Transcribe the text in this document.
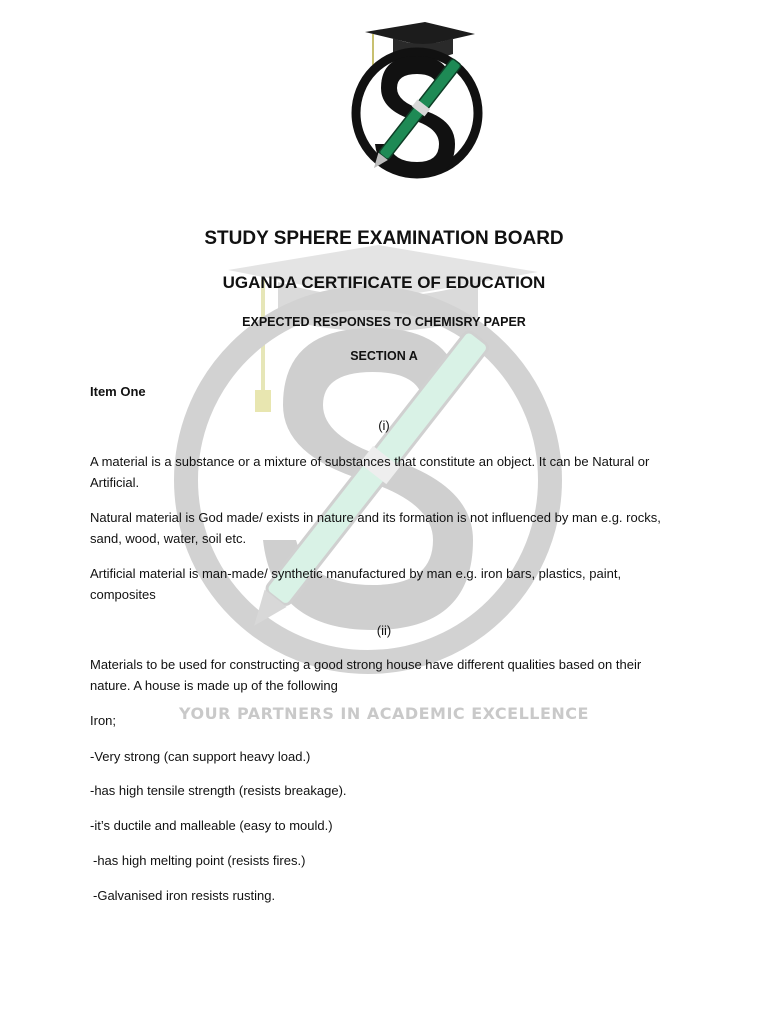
YOUR PARTNERS IN ACADEMIC EXCELLENCE
STUDY SPHERE EXAMINATION BOARD
UGANDA CERTIFICATE OF EDUCATION
EXPECTED RESPONSES TO CHEMISRY PAPER
SECTION A
Item One
(i)

A material is a substance or a mixture of substances that constitute an object. It can be Natural or Artificial.

Natural material is God made/ exists in nature and its formation is not influenced by man e.g. rocks, sand, wood, water, soil etc.

Artificial material is man-made/ synthetic manufactured by man e.g. iron bars, plastics, paint, composites

(ii)

Materials to be used for constructing a good strong house have different qualities based on their nature. A house is made up of the following

Iron;
-Very strong (can support heavy load.)
-has high tensile strength (resists breakage).
-it’s ductile and malleable (easy to mould.)
-has high melting point (resists fires.)
-Galvanised iron resists rusting.
